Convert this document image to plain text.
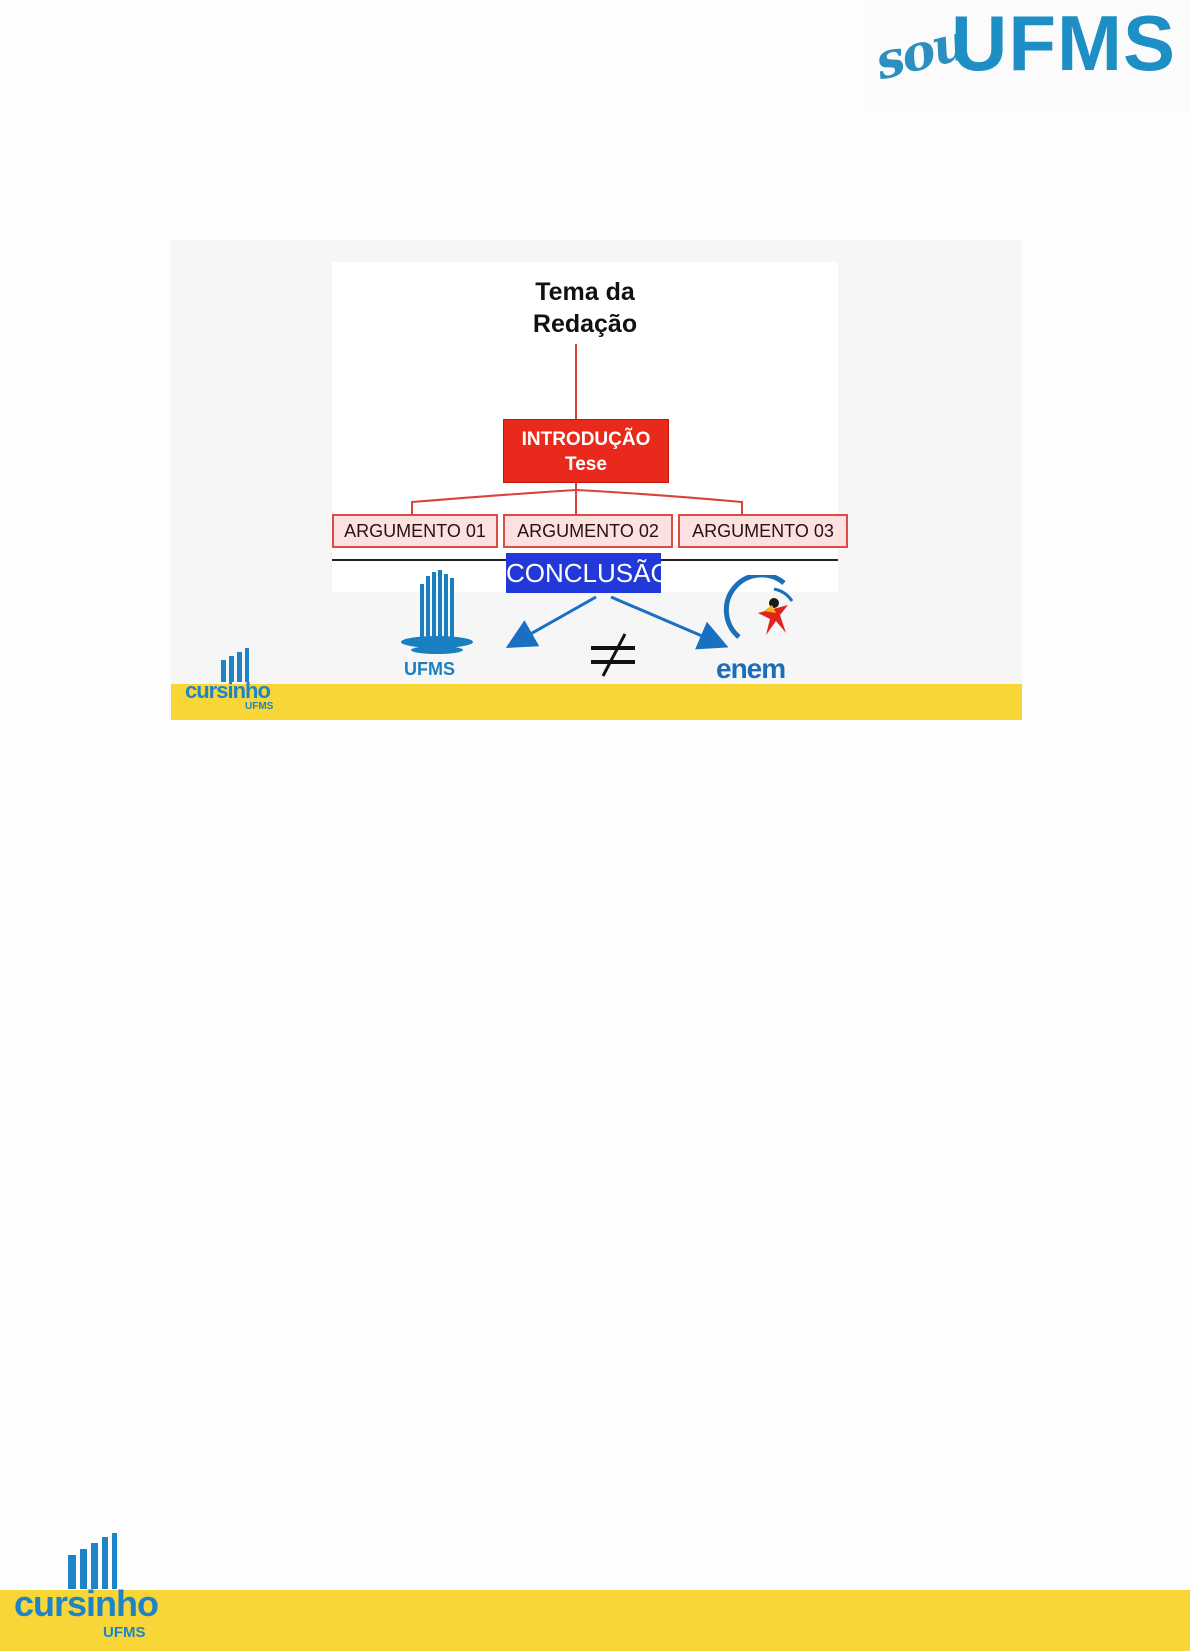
sou
UFMS
Tema da
Redação
INTRODUÇÃO
Tese
ARGUMENTO 01	ARGUMENTO 02	ARGUMENTO 03
CONCLUSÃO
UFMS	enem
cursinho
UFMS
cursinho
UFMS
